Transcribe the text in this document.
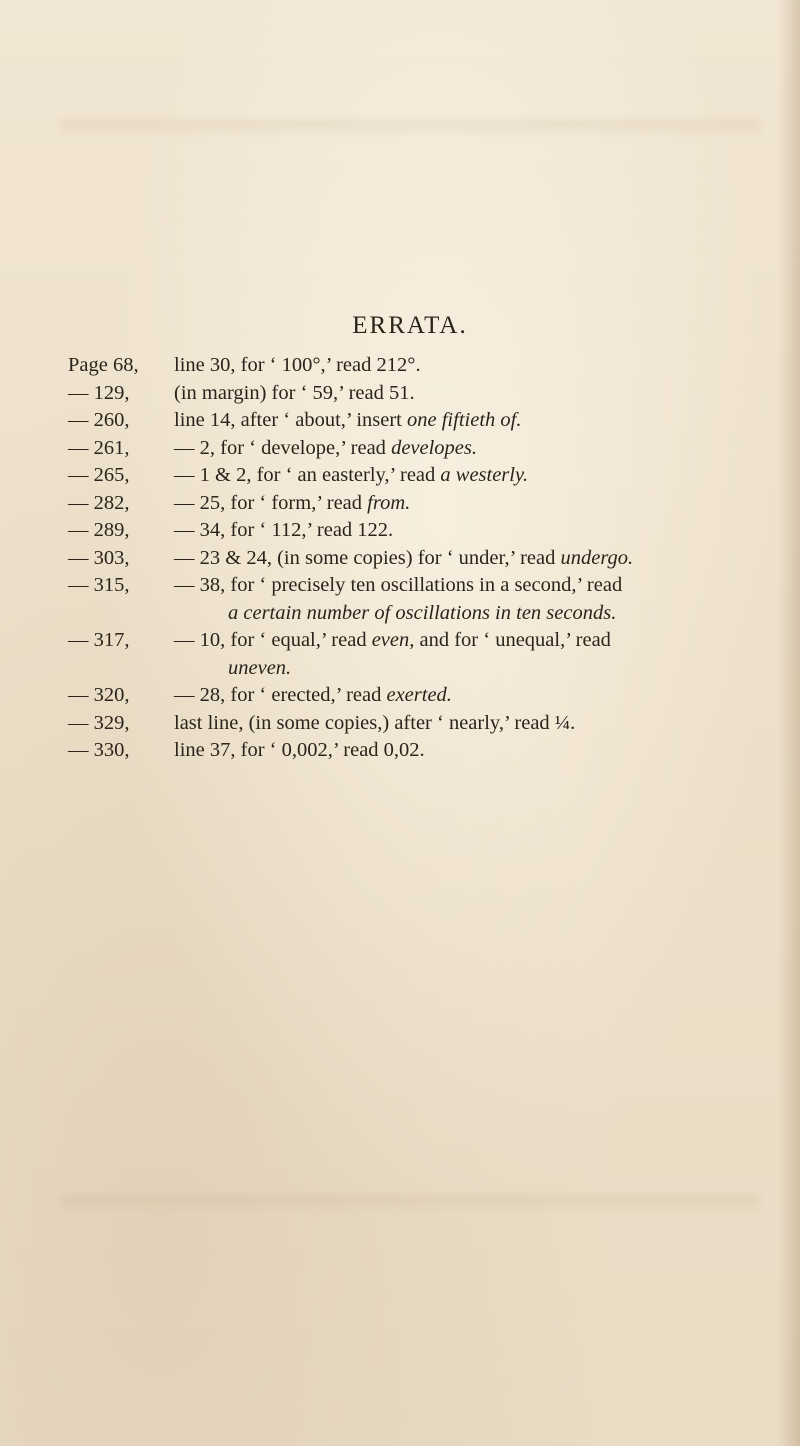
ERRATA.
Page 68,	line 30, for ‘ 100°,’ read 212°.
— 129,	(in margin) for ‘ 59,’ read 51.
— 260,	line 14, after ‘ about,’ insert one fiftieth of.
— 261,	— 2, for ‘ develope,’ read developes.
— 265,	— 1 & 2, for ‘ an easterly,’ read a westerly.
— 282,	— 25, for ‘ form,’ read from.
— 289,	— 34, for ‘ 112,’ read 122.
— 303,	— 23 & 24, (in some copies) for ‘ under,’ read undergo.
— 315,	— 38, for ‘ precisely ten oscillations in a second,’ read
a certain number of oscillations in ten seconds.
— 317,	— 10, for ‘ equal,’ read even, and for ‘ unequal,’ read
uneven.
— 320,	— 28, for ‘ erected,’ read exerted.
— 329,	last line, (in some copies,) after ‘ nearly,’ read ¼.
— 330,	line 37, for ‘ 0,002,’ read 0,02.
